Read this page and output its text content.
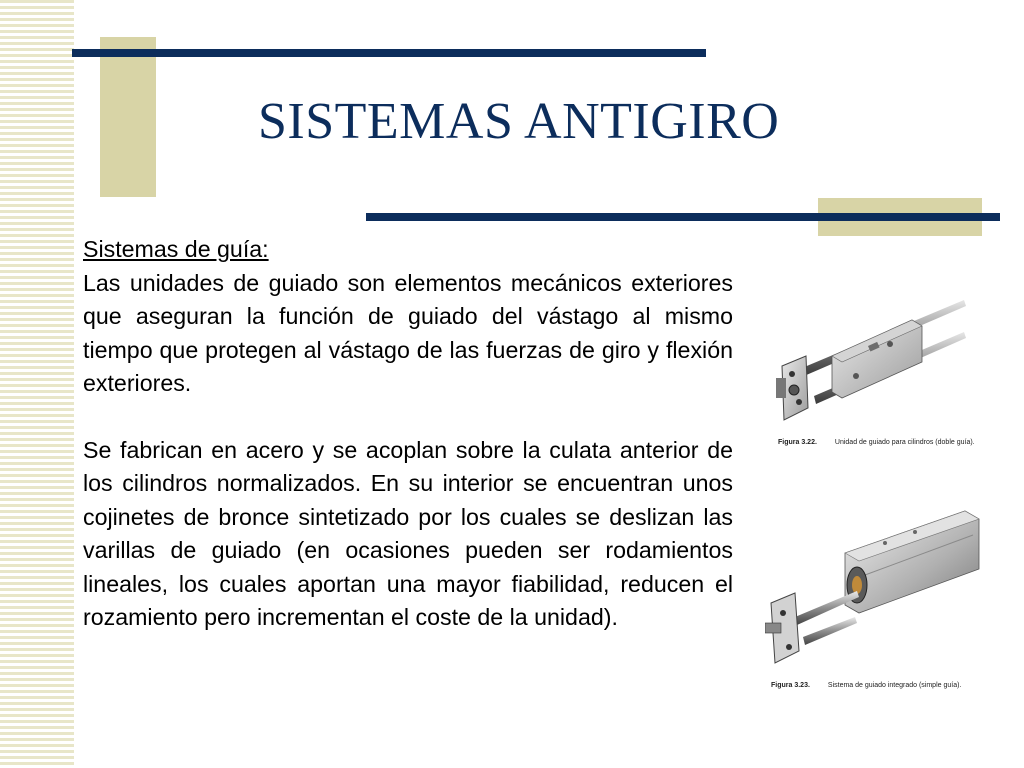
SISTEMAS ANTIGIRO

Sistemas de guía:

Las unidades de guiado son elementos mecánicos exteriores que aseguran la función de guiado del vástago al mismo tiempo que protegen al vástago de las fuerzas de giro y flexión exteriores.

Se fabrican en acero y se acoplan sobre la culata anterior de los cilindros normalizados. En su interior se encuentran unos cojinetes de bronce sintetizado por los cuales se deslizan las varillas de guiado (en ocasiones pueden ser rodamientos lineales, los cuales aportan una mayor fiabilidad, reducen el rozamiento pero incrementan el coste de la unidad).

Figura 3.22.	Unidad de guiado para cilindros (doble guía).
Figura 3.23.	Sistema de guiado integrado (simple guía).
